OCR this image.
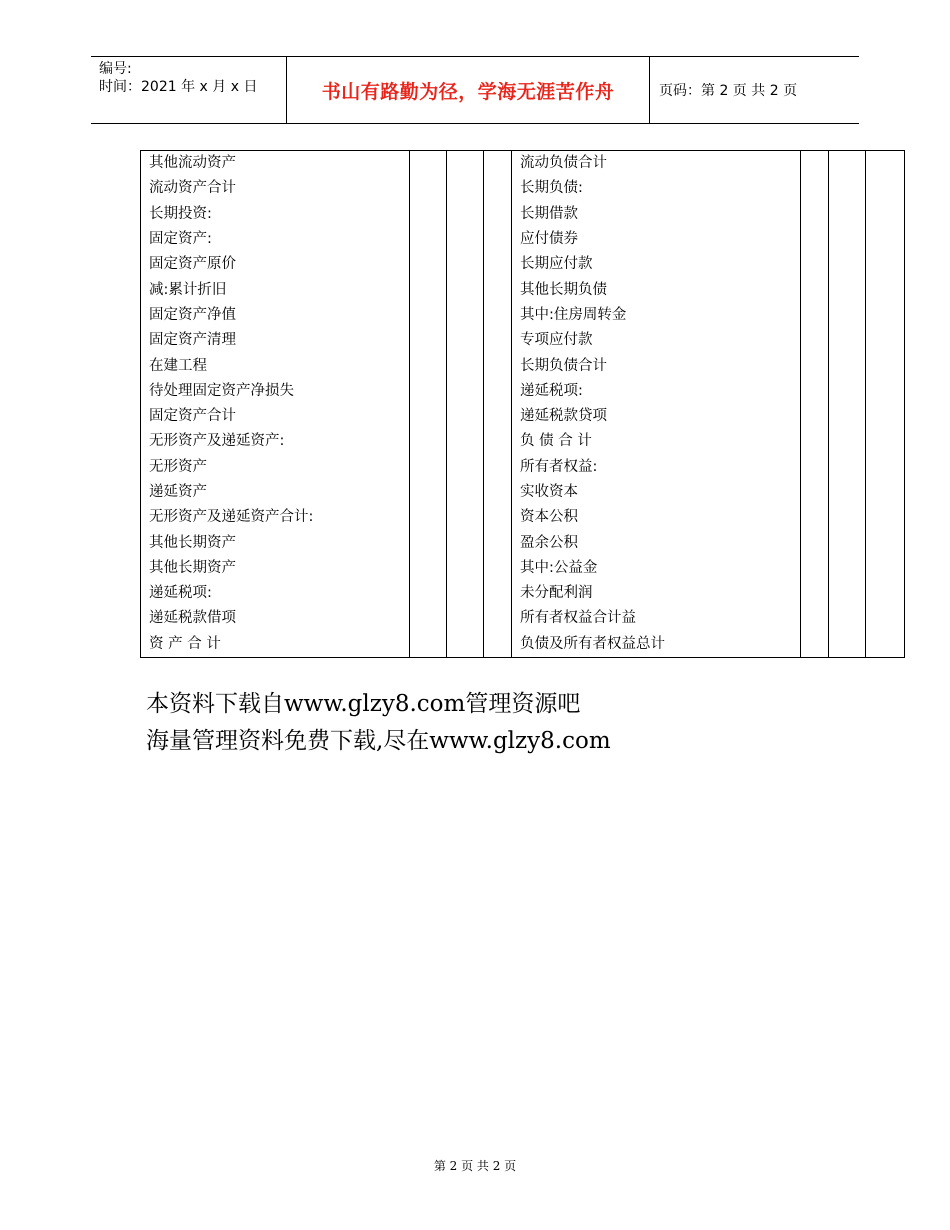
编号:
时间：2021 年 x 月 x 日	书山有路勤为径，学海无涯苦作舟	页码：第 2 页 共 2 页
其他流动资产				流动负债合计			
流动资产合计				长期负债:			
长期投资:				长期借款			
固定资产:				应付债券			
固定资产原价				长期应付款			
减:累计折旧				其他长期负债			
固定资产净值				其中:住房周转金			
固定资产清理				专项应付款			
在建工程				长期负债合计			
待处理固定资产净损失				递延税项:			
固定资产合计				递延税款贷项			
无形资产及递延资产:				负 债 合 计			
无形资产				所有者权益:			
递延资产				实收资本			
无形资产及递延资产合计:				资本公积			
其他长期资产				盈余公积			
其他长期资产				其中:公益金			
递延税项:				未分配利润			
递延税款借项				所有者权益合计益			
资 产 合 计				负债及所有者权益总计			
本资料下载自www.glzy8.com管理资源吧
海量管理资料免费下载,尽在www.glzy8.com
第 2 页 共 2 页
